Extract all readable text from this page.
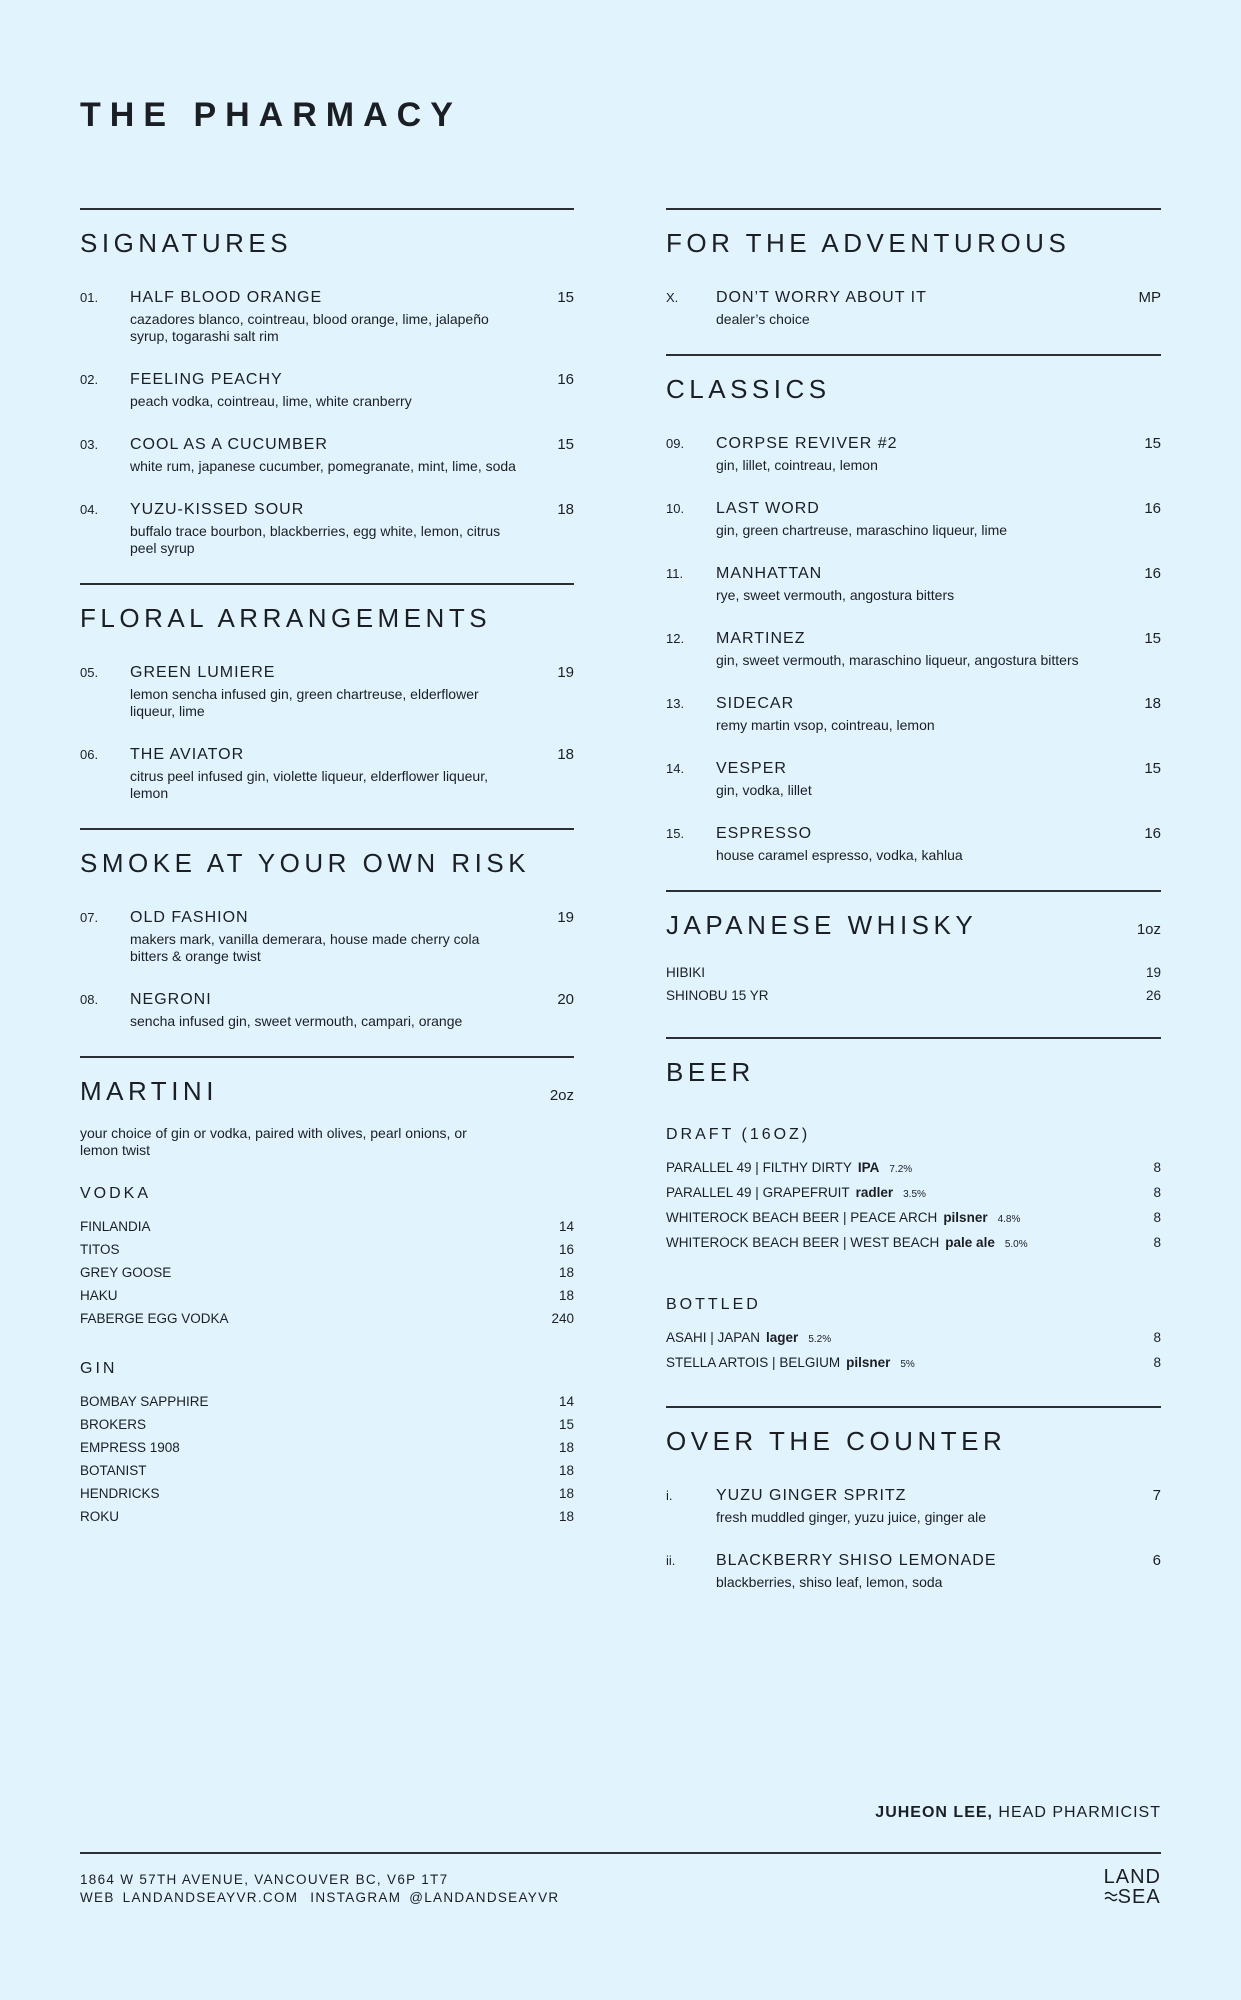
THE PHARMACY
SIGNATURES
01.	HALF BLOOD ORANGE
cazadores blanco, cointreau, blood orange, lime, jalapeño syrup, togarashi salt rim
15
02.	FEELING PEACHY
peach vodka, cointreau, lime, white cranberry
16
03.	COOL AS A CUCUMBER
white rum, japanese cucumber, pomegranate, mint, lime, soda
15
04.	YUZU-KISSED SOUR
buffalo trace bourbon, blackberries, egg white, lemon, citrus peel syrup
18
FLORAL ARRANGEMENTS
05.	GREEN LUMIERE
lemon sencha infused gin, green chartreuse, elderflower liqueur, lime
19
06.	THE AVIATOR
citrus peel infused gin, violette liqueur, elderflower liqueur, lemon
18
SMOKE AT YOUR OWN RISK
07.	OLD FASHION
makers mark, vanilla demerara, house made cherry cola bitters & orange twist
19
08.	NEGRONI
sencha infused gin, sweet vermouth, campari, orange
20
MARTINI	2oz
your choice of gin or vodka, paired with olives, pearl onions, or lemon twist
VODKA
FINLANDIA	14
TITOS	16
GREY GOOSE	18
HAKU	18
FABERGE EGG VODKA	240
GIN
BOMBAY SAPPHIRE	14
BROKERS	15
EMPRESS 1908	18
BOTANIST	18
HENDRICKS	18
ROKU	18
FOR THE ADVENTUROUS
X.	DON’T WORRY ABOUT IT
dealer’s choice
MP
CLASSICS
09.	CORPSE REVIVER #2
gin, lillet, cointreau, lemon
15
10.	LAST WORD
gin, green chartreuse, maraschino liqueur, lime
16
11.	MANHATTAN
rye, sweet vermouth, angostura bitters
16
12.	MARTINEZ
gin, sweet vermouth, maraschino liqueur, angostura bitters
15
13.	SIDECAR
remy martin vsop, cointreau, lemon
18
14.	VESPER
gin, vodka, lillet
15
15.	ESPRESSO
house caramel espresso, vodka, kahlua
16
JAPANESE WHISKY	1oz
HIBIKI	19
SHINOBU 15 YR	26
BEER
DRAFT (16OZ)
PARALLEL 49 | FILTHY DIRTY IPA 7.2%	8
PARALLEL 49 | GRAPEFRUIT radler 3.5%	8
WHITEROCK BEACH BEER | PEACE ARCH pilsner 4.8%	8
WHITEROCK BEACH BEER | WEST BEACH pale ale 5.0%	8
BOTTLED
ASAHI | JAPAN lager 5.2%	8
STELLA ARTOIS | BELGIUM pilsner 5%	8
OVER THE COUNTER
i.	YUZU GINGER SPRITZ
fresh muddled ginger, yuzu juice, ginger ale
7
ii.	BLACKBERRY SHISO LEMONADE
blackberries, shiso leaf, lemon, soda
6
JUHEON LEE, HEAD PHARMICIST
1864 W 57TH AVENUE, VANCOUVER BC, V6P 1T7
WEB LANDANDSEAYVR.COM INSTAGRAM @LANDANDSEAYVR
LAND
SEA
